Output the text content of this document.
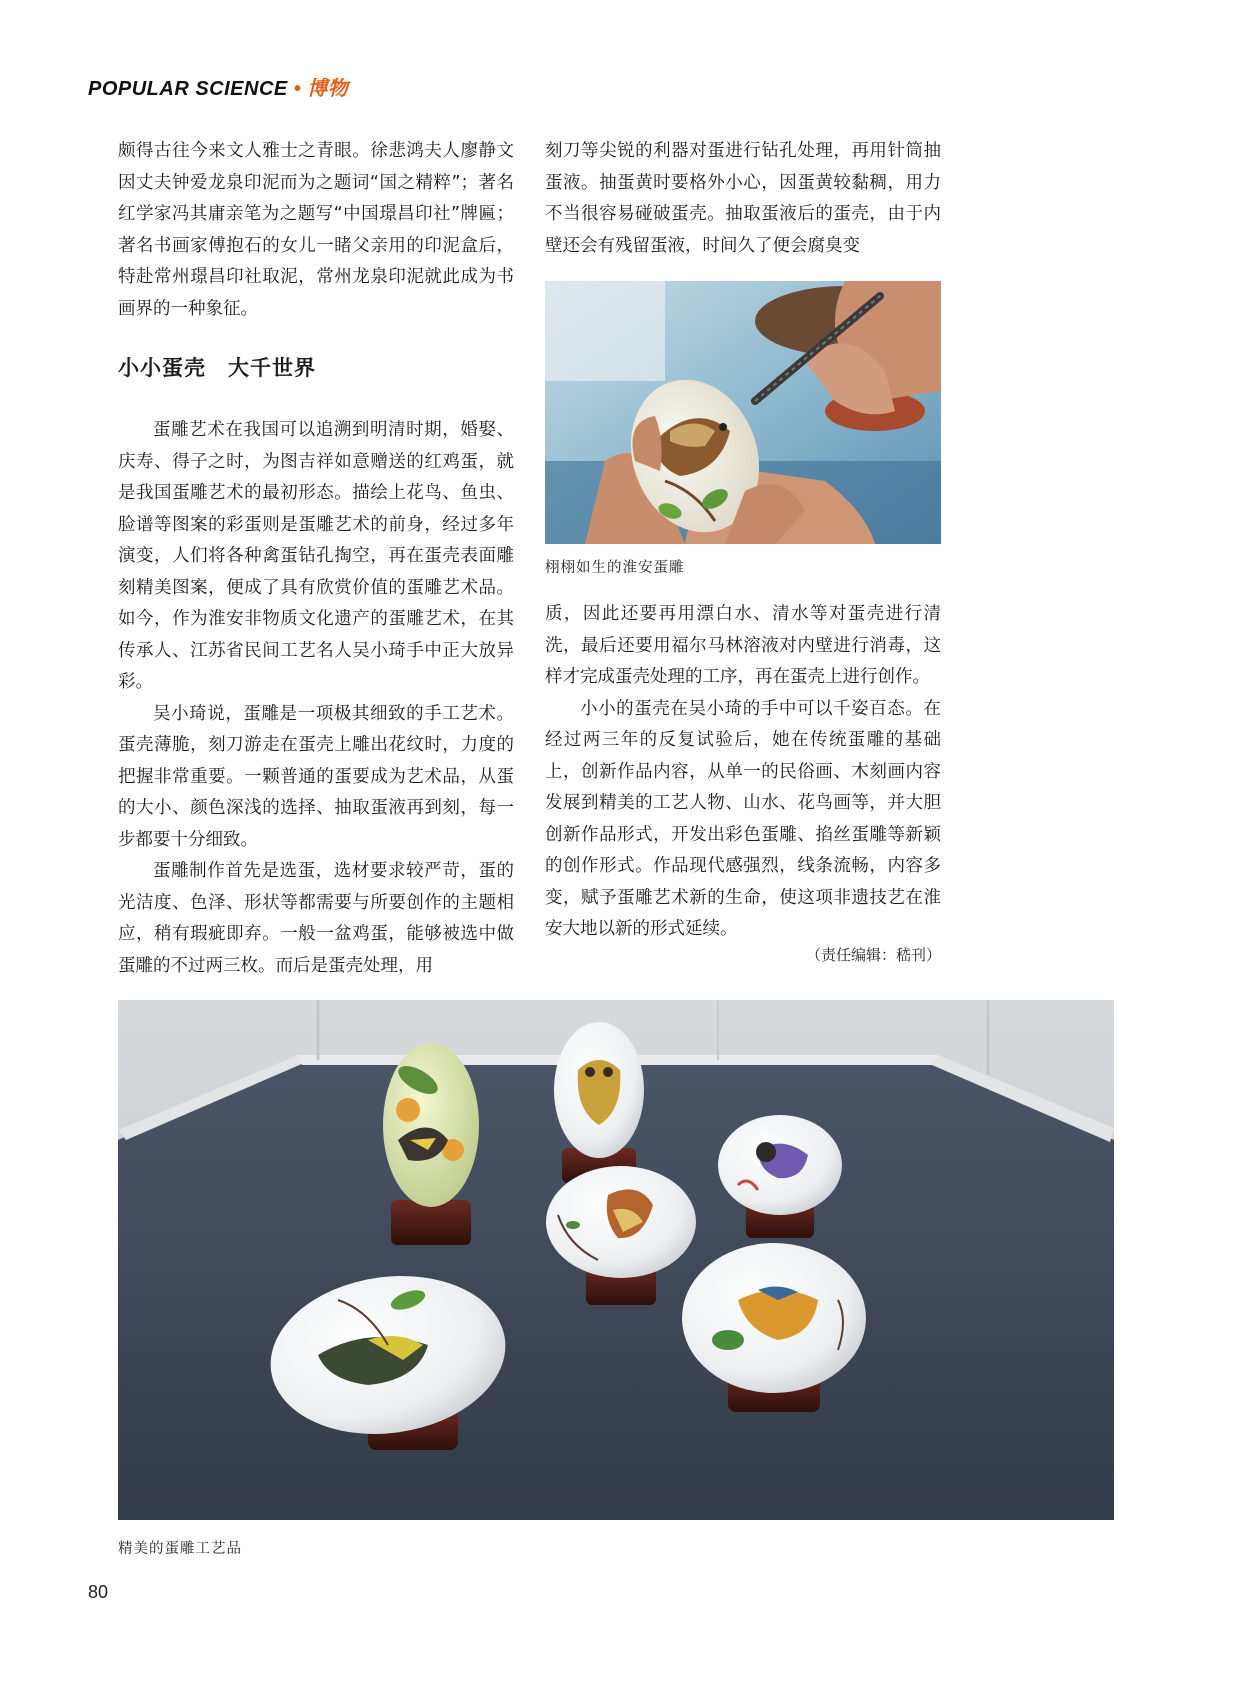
POPULAR SCIENCE • 博物

颇得古往今来文人雅士之青眼。徐悲鸿夫人廖静文因丈夫钟爱龙泉印泥而为之题词“国之精粹”；著名红学家冯其庸亲笔为之题写“中国璟昌印社”牌匾；著名书画家傅抱石的女儿一睹父亲用的印泥盒后，特赴常州璟昌印社取泥，常州龙泉印泥就此成为书画界的一种象征。

小小蛋壳　大千世界

蛋雕艺术在我国可以追溯到明清时期，婚娶、庆寿、得子之时，为图吉祥如意赠送的红鸡蛋，就是我国蛋雕艺术的最初形态。描绘上花鸟、鱼虫、脸谱等图案的彩蛋则是蛋雕艺术的前身，经过多年演变，人们将各种禽蛋钻孔掏空，再在蛋壳表面雕刻精美图案，便成了具有欣赏价值的蛋雕艺术品。如今，作为淮安非物质文化遗产的蛋雕艺术，在其传承人、江苏省民间工艺名人吴小琦手中正大放异彩。

吴小琦说，蛋雕是一项极其细致的手工艺术。蛋壳薄脆，刻刀游走在蛋壳上雕出花纹时，力度的把握非常重要。一颗普通的蛋要成为艺术品，从蛋的大小、颜色深浅的选择、抽取蛋液再到刻，每一步都要十分细致。

蛋雕制作首先是选蛋，选材要求较严苛，蛋的光洁度、色泽、形状等都需要与所要创作的主题相应，稍有瑕疵即弃。一般一盆鸡蛋，能够被选中做蛋雕的不过两三枚。而后是蛋壳处理，用

刻刀等尖锐的利器对蛋进行钻孔处理，再用针筒抽蛋液。抽蛋黄时要格外小心，因蛋黄较黏稠，用力不当很容易碰破蛋壳。抽取蛋液后的蛋壳，由于内壁还会有残留蛋液，时间久了便会腐臭变

栩栩如生的淮安蛋雕

质，因此还要再用漂白水、清水等对蛋壳进行清洗，最后还要用福尔马林溶液对内壁进行消毒，这样才完成蛋壳处理的工序，再在蛋壳上进行创作。

小小的蛋壳在吴小琦的手中可以千姿百态。在经过两三年的反复试验后，她在传统蛋雕的基础上，创新作品内容，从单一的民俗画、木刻画内容发展到精美的工艺人物、山水、花鸟画等，并大胆创新作品形式，开发出彩色蛋雕、掐丝蛋雕等新颖的创作形式。作品现代感强烈，线条流畅，内容多变，赋予蛋雕艺术新的生命，使这项非遗技艺在淮安大地以新的形式延续。

（责任编辑：嵇刊）
精美的蛋雕工艺品
80
